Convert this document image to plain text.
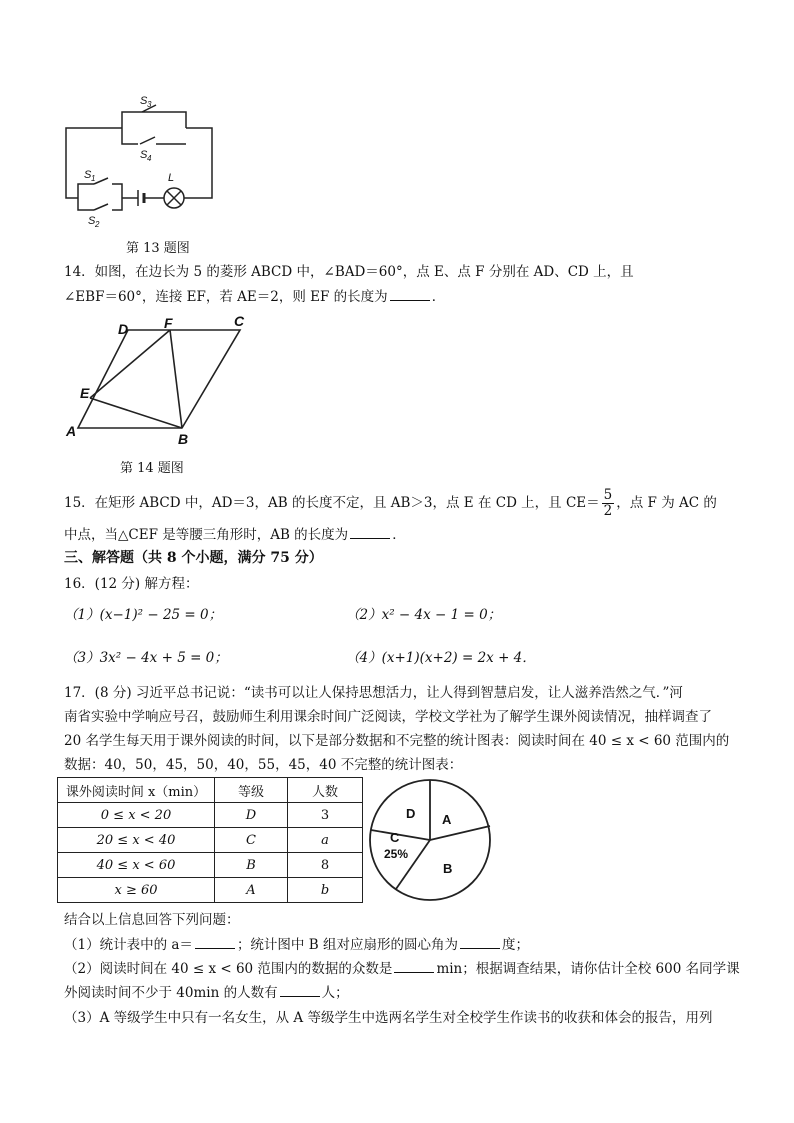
S 3
S 4
S 1
S 2
L
第 13 题图
14．如图，在边长为 5 的菱形 ABCD 中，∠BAD＝60°，点 E、点 F 分别在 AD、CD 上，且
∠EBF＝60°，连接 EF，若 AE＝2，则 EF 的长度为	．
A	B
C
D
E
F
第 14 题图
15．在矩形 ABCD 中，AD＝3，AB 的长度不定，且 AB＞3，点 E 在 CD 上，且 $CE= \frac{5}{2}$ ，点 F 为 AC 的
中点，当△CEF 是等腰三角形时，AB 的长度为	．
三、解答题（共 8 个小题，满分 75 分）
16．(12 分) 解方程：
（1）(x−1)² − 25 = 0；	（2）x² − 4x − 1 = 0；
（3）3x² − 4x + 5 = 0；	（4）(x+1)(x+2) = 2x + 4．
17．(8 分) 习近平总书记说：“读书可以让人保持思想活力，让人得到智慧启发，让人滋养浩然之气．”河
南省实验中学响应号召，鼓励师生利用课余时间广泛阅读，学校文学社为了解学生课外阅读情况，抽样调查了
20 名学生每天用于课外阅读的时间，以下是部分数据和不完整的统计图表：阅读时间在 40 ≤ x < 60 范围内的
数据：40，50，45，50，40，55，45，40 不完整的统计图表：
课外阅读时间 x（min）	等级	人数
0 ≤ x < 20	D	3
20 ≤ x < 40	C	a
40 ≤ x < 60	B	8
x ≥ 60	A	b
A
B
C
25%
D
结合以上信息回答下列问题：
（1）统计表中的 a＝	；统计图中 B 组对应扇形的圆心角为	度；
（2）阅读时间在 40 ≤ x < 60 范围内的数据的众数是	min；根据调查结果，请你估计全校 600 名同学课
外阅读时间不少于 40min 的人数有	人；
（3）A 等级学生中只有一名女生，从 A 等级学生中选两名学生对全校学生作读书的收获和体会的报告，用列
